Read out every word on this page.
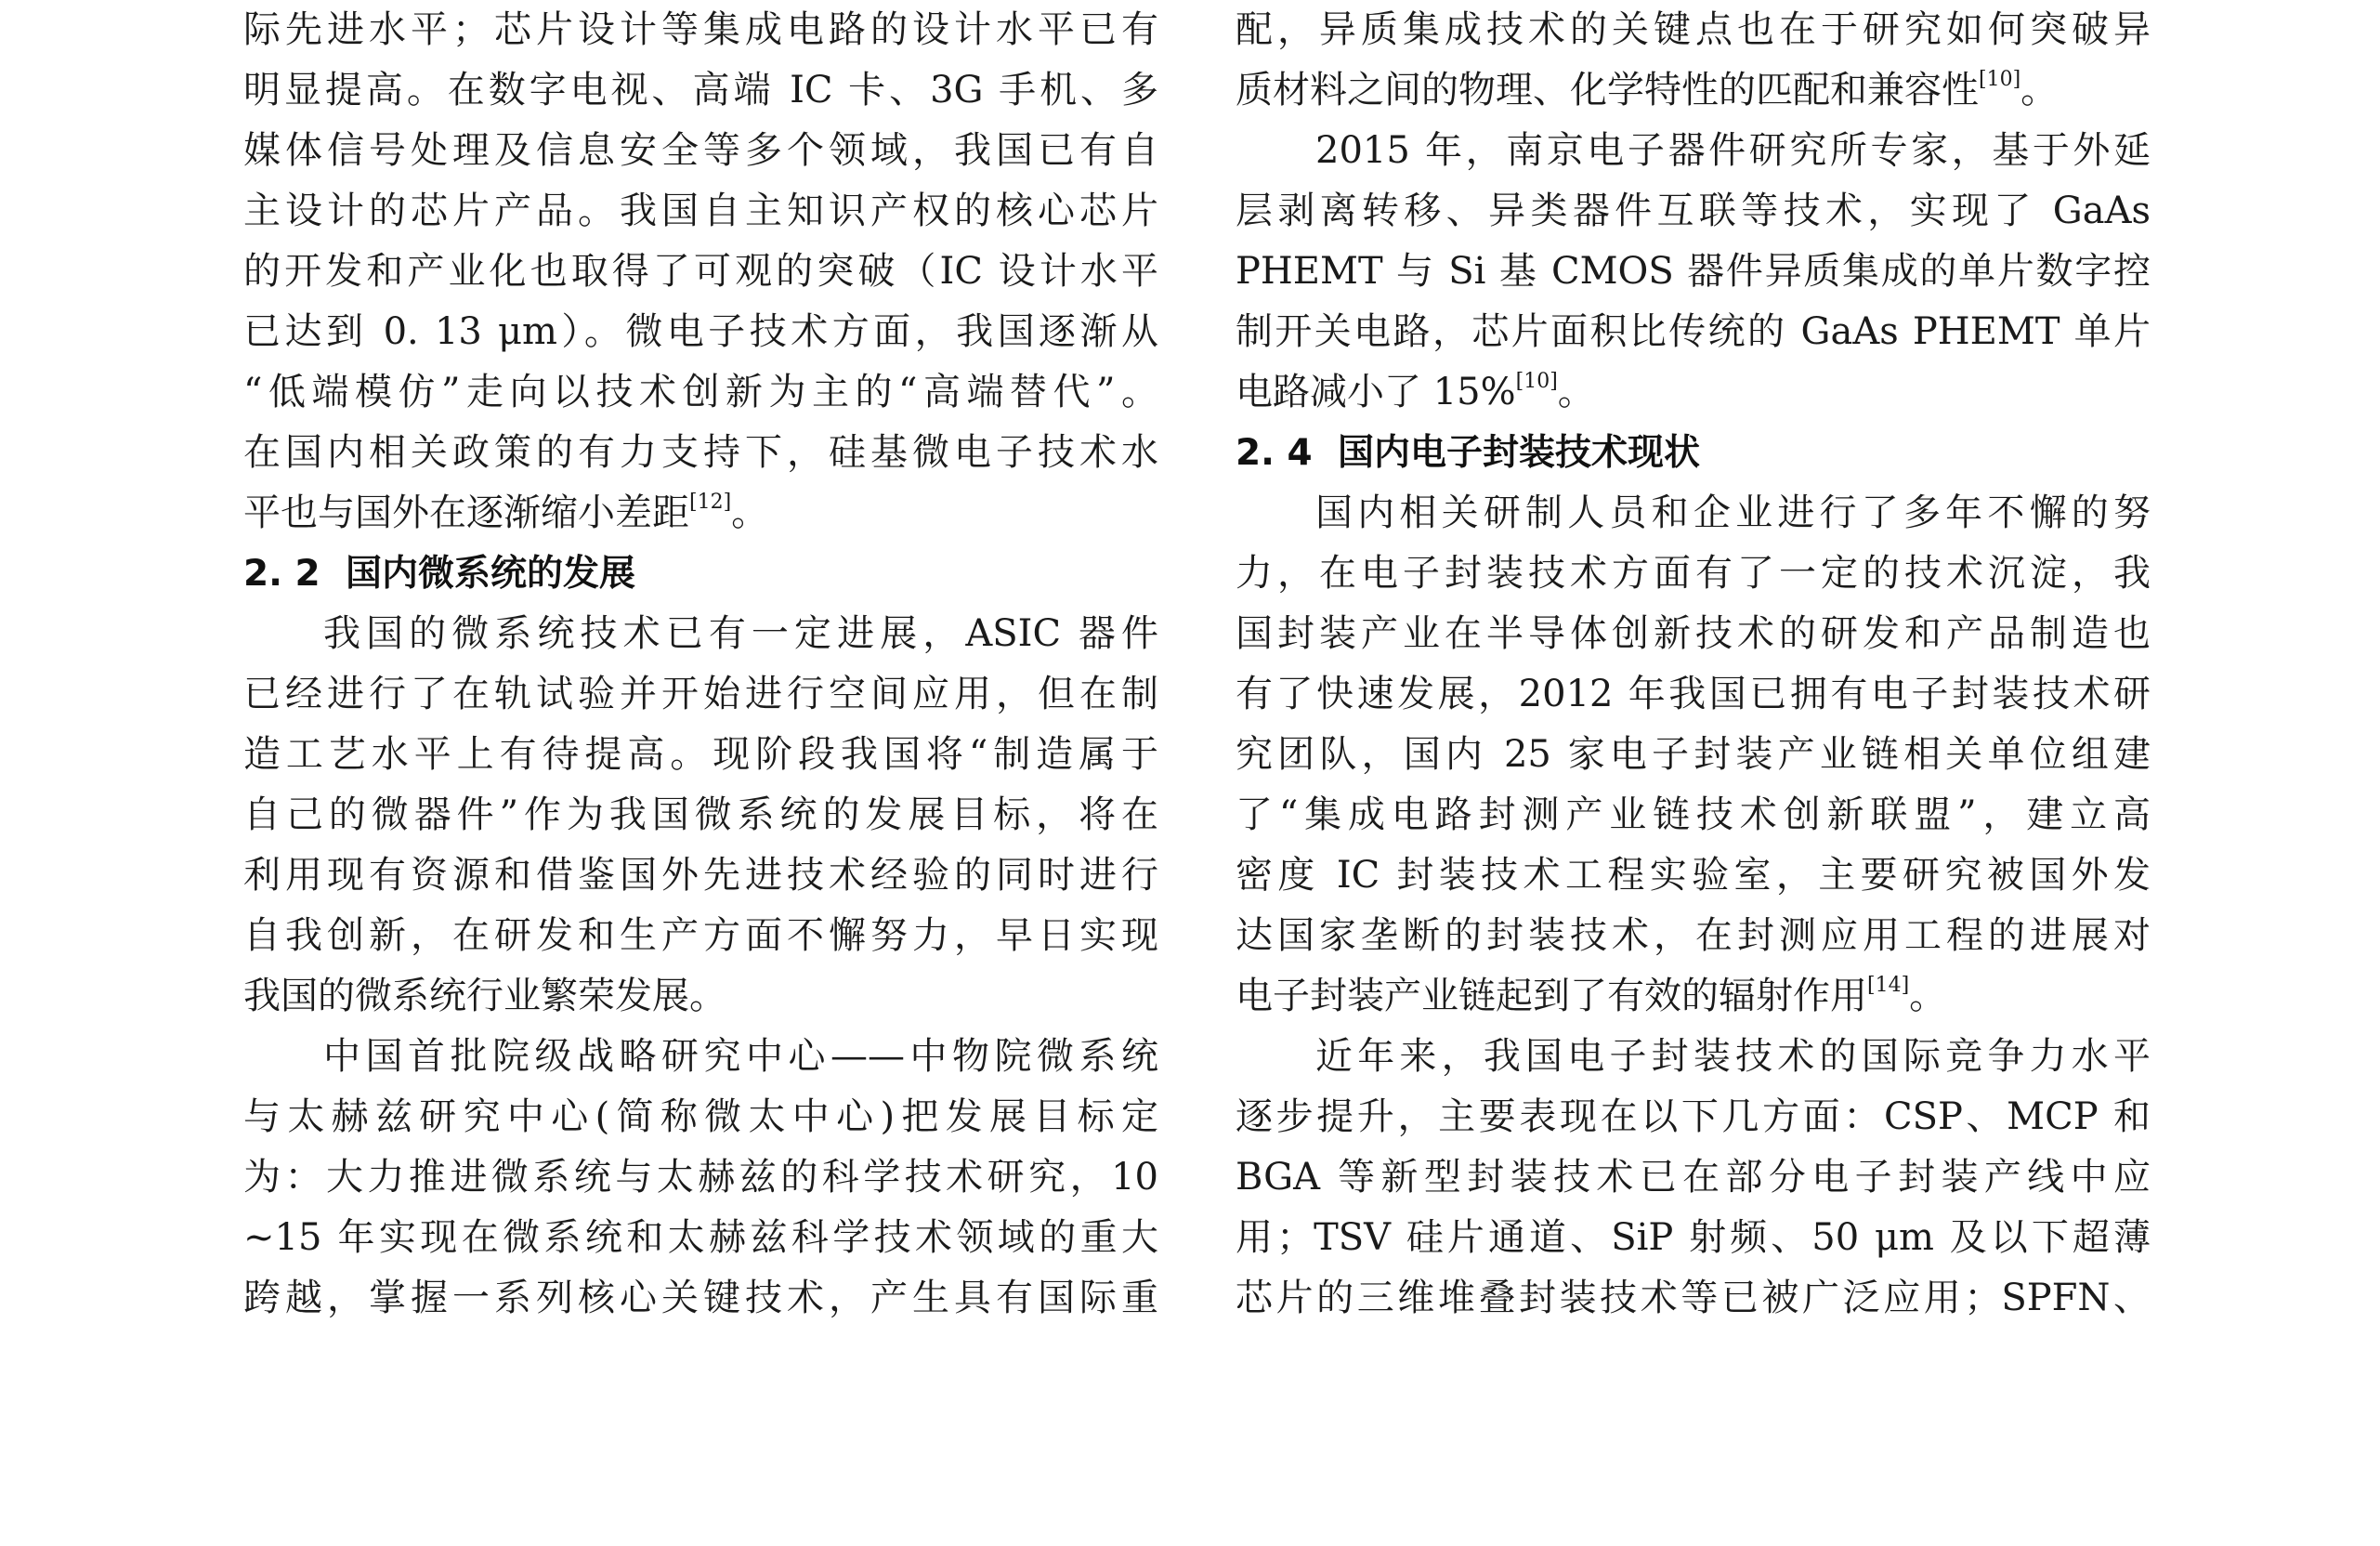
际先进水平；芯片设计等集成电路的设计水平已有
明显提高。在数字电视、高端 IC 卡、3G 手机、多
媒体信号处理及信息安全等多个领域，我国已有自
主设计的芯片产品。我国自主知识产权的核心芯片
的开发和产业化也取得了可观的突破（IC 设计水平
已达到 0. 13 μm）。微电子技术方面，我国逐渐从
“低端模仿”走向以技术创新为主的“高端替代”。
在国内相关政策的有力支持下，硅基微电子技术水
平也与国外在逐渐缩小差距[12]。
2. 2 国内微系统的发展
我国的微系统技术已有一定进展，ASIC 器件
已经进行了在轨试验并开始进行空间应用，但在制
造工艺水平上有待提高。现阶段我国将“制造属于
自己的微器件”作为我国微系统的发展目标，将在
利用现有资源和借鉴国外先进技术经验的同时进行
自我创新，在研发和生产方面不懈努力，早日实现
我国的微系统行业繁荣发展。
中国首批院级战略研究中心——中物院微系统
与太赫兹研究中心(简称微太中心)把发展目标定
为：大力推进微系统与太赫兹的科学技术研究，10
~15 年实现在微系统和太赫兹科学技术领域的重大
跨越，掌握一系列核心关键技术，产生具有国际重
配，异质集成技术的关键点也在于研究如何突破异
质材料之间的物理、化学特性的匹配和兼容性[10]。
2015 年，南京电子器件研究所专家，基于外延
层剥离转移、异类器件互联等技术，实现了 GaAs
PHEMT 与 Si 基 CMOS 器件异质集成的单片数字控
制开关电路，芯片面积比传统的 GaAs PHEMT 单片
电路减小了 15%[10]。
2. 4 国内电子封装技术现状
国内相关研制人员和企业进行了多年不懈的努
力，在电子封装技术方面有了一定的技术沉淀，我
国封装产业在半导体创新技术的研发和产品制造也
有了快速发展，2012 年我国已拥有电子封装技术研
究团队，国内 25 家电子封装产业链相关单位组建
了“集成电路封测产业链技术创新联盟”，建立高
密度 IC 封装技术工程实验室，主要研究被国外发
达国家垄断的封装技术，在封测应用工程的进展对
电子封装产业链起到了有效的辐射作用[14]。
近年来，我国电子封装技术的国际竞争力水平
逐步提升，主要表现在以下几方面：CSP、MCP 和
BGA 等新型封装技术已在部分电子封装产线中应
用；TSV 硅片通道、SiP 射频、50 μm 及以下超薄
芯片的三维堆叠封装技术等已被广泛应用；SPFN、
